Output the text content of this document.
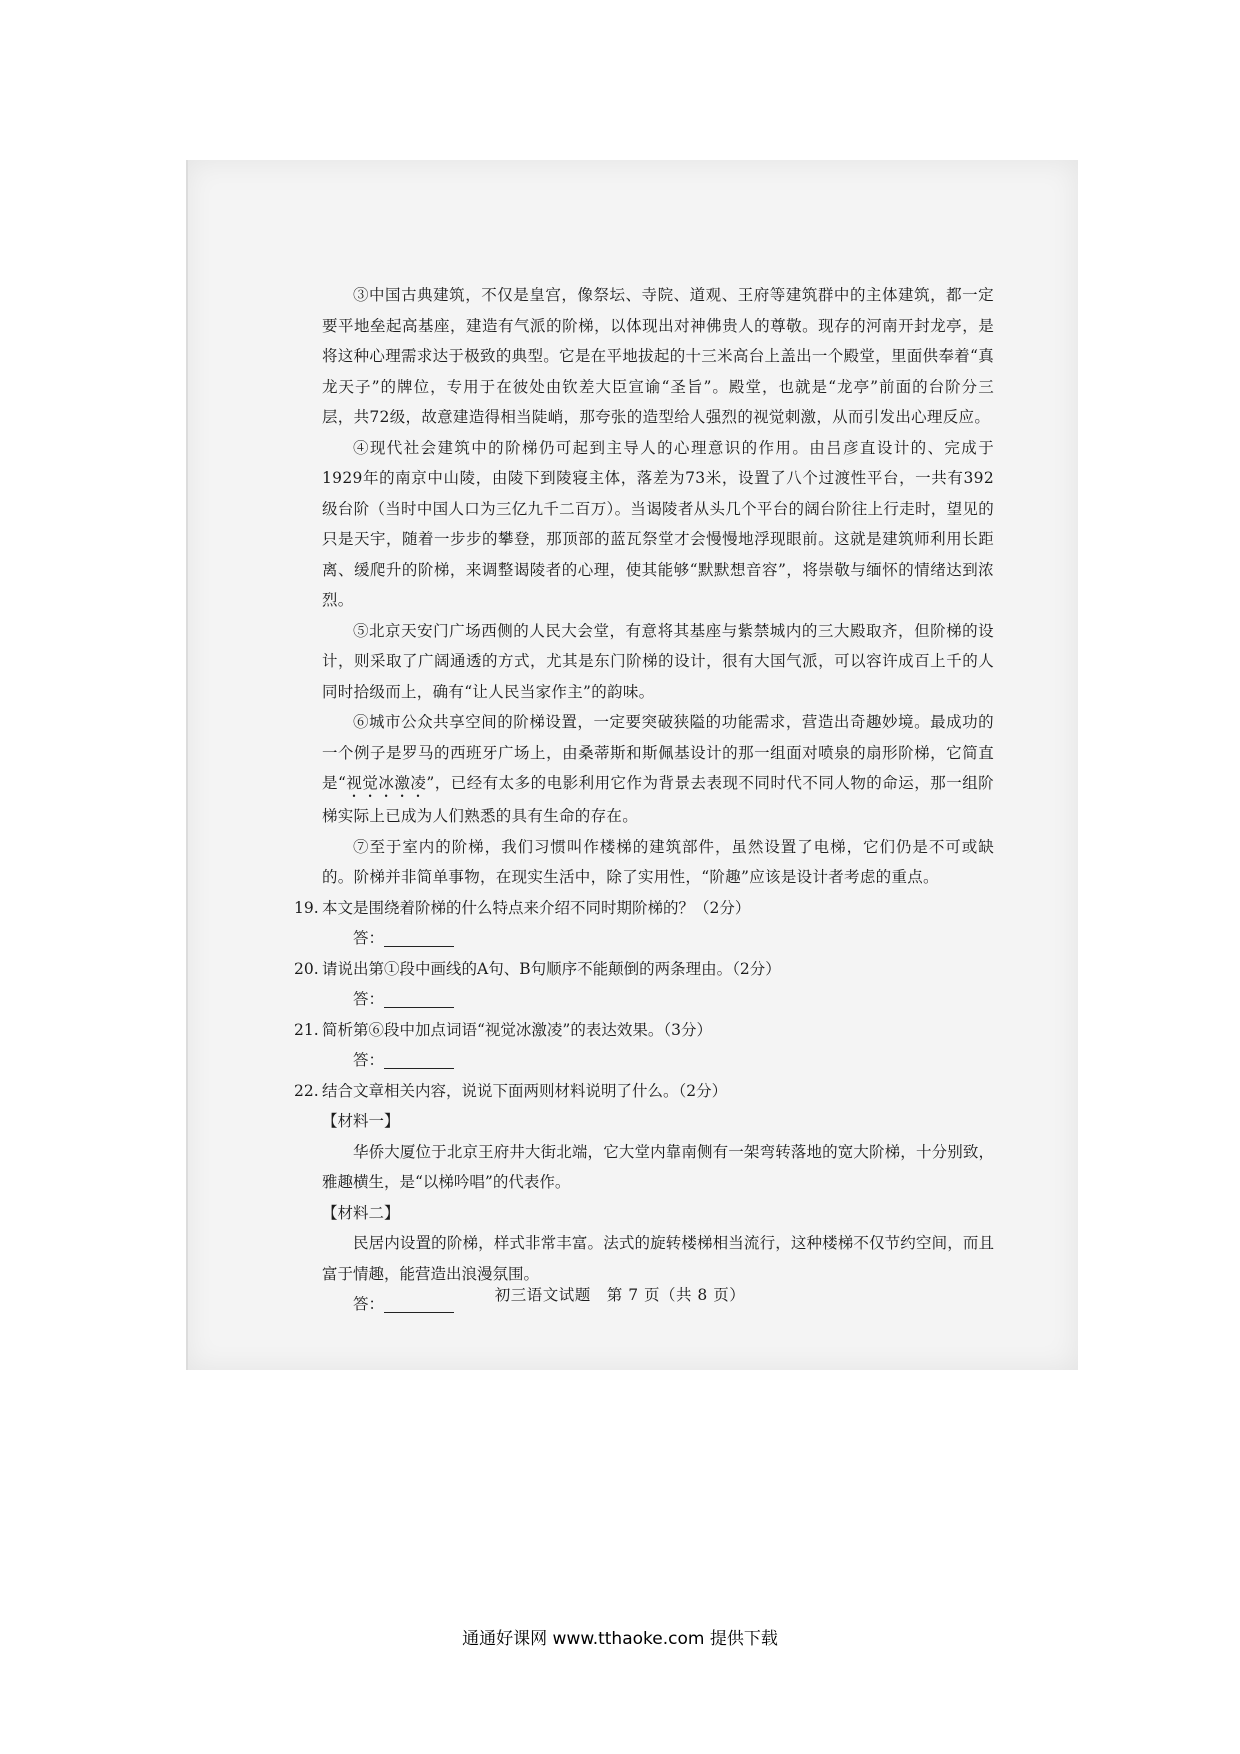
③中国古典建筑，不仅是皇宫，像祭坛、寺院、道观、王府等建筑群中的主体建筑，都一定要平地垒起高基座，建造有气派的阶梯，以体现出对神佛贵人的尊敬。现存的河南开封龙亭，是将这种心理需求达于极致的典型。它是在平地拔起的十三米高台上盖出一个殿堂，里面供奉着“真龙天子”的牌位，专用于在彼处由钦差大臣宣谕“圣旨”。殿堂，也就是“龙亭”前面的台阶分三层，共72级，故意建造得相当陡峭，那夸张的造型给人强烈的视觉刺激，从而引发出心理反应。

④现代社会建筑中的阶梯仍可起到主导人的心理意识的作用。由吕彦直设计的、完成于1929年的南京中山陵，由陵下到陵寝主体，落差为73米，设置了八个过渡性平台，一共有392级台阶（当时中国人口为三亿九千二百万）。当谒陵者从头几个平台的阔台阶往上行走时，望见的只是天宇，随着一步步的攀登，那顶部的蓝瓦祭堂才会慢慢地浮现眼前。这就是建筑师利用长距离、缓爬升的阶梯，来调整谒陵者的心理，使其能够“默默想音容”，将崇敬与缅怀的情绪达到浓烈。

⑤北京天安门广场西侧的人民大会堂，有意将其基座与紫禁城内的三大殿取齐，但阶梯的设计，则采取了广阔通透的方式，尤其是东门阶梯的设计，很有大国气派，可以容许成百上千的人同时拾级而上，确有“让人民当家作主”的韵味。

⑥城市公众共享空间的阶梯设置，一定要突破狭隘的功能需求，营造出奇趣妙境。最成功的一个例子是罗马的西班牙广场上，由桑蒂斯和斯佩基设计的那一组面对喷泉的扇形阶梯，它简直是“视觉冰激凌”，已经有太多的电影利用它作为背景去表现不同时代不同人物的命运，那一组阶梯实际上已成为人们熟悉的具有生命的存在。

⑦至于室内的阶梯，我们习惯叫作楼梯的建筑部件，虽然设置了电梯，它们仍是不可或缺的。阶梯并非简单事物，在现实生活中，除了实用性，“阶趣”应该是设计者考虑的重点。

19. 本文是围绕着阶梯的什么特点来介绍不同时期阶梯的？（2分）

答：

20. 请说出第①段中画线的A句、B句顺序不能颠倒的两条理由。（2分）

答：

21. 简析第⑥段中加点词语“视觉冰激凌”的表达效果。（3分）

答：

22. 结合文章相关内容，说说下面两则材料说明了什么。（2分）

【材料一】

华侨大厦位于北京王府井大街北端，它大堂内靠南侧有一架弯转落地的宽大阶梯，十分别致，雅趣横生，是“以梯吟唱”的代表作。

【材料二】

民居内设置的阶梯，样式非常丰富。法式的旋转楼梯相当流行，这种楼梯不仅节约空间，而且富于情趣，能营造出浪漫氛围。

答：	初三语文试题　第 7 页（共 8 页）
通通好课网 www.tthaoke.com 提供下载
